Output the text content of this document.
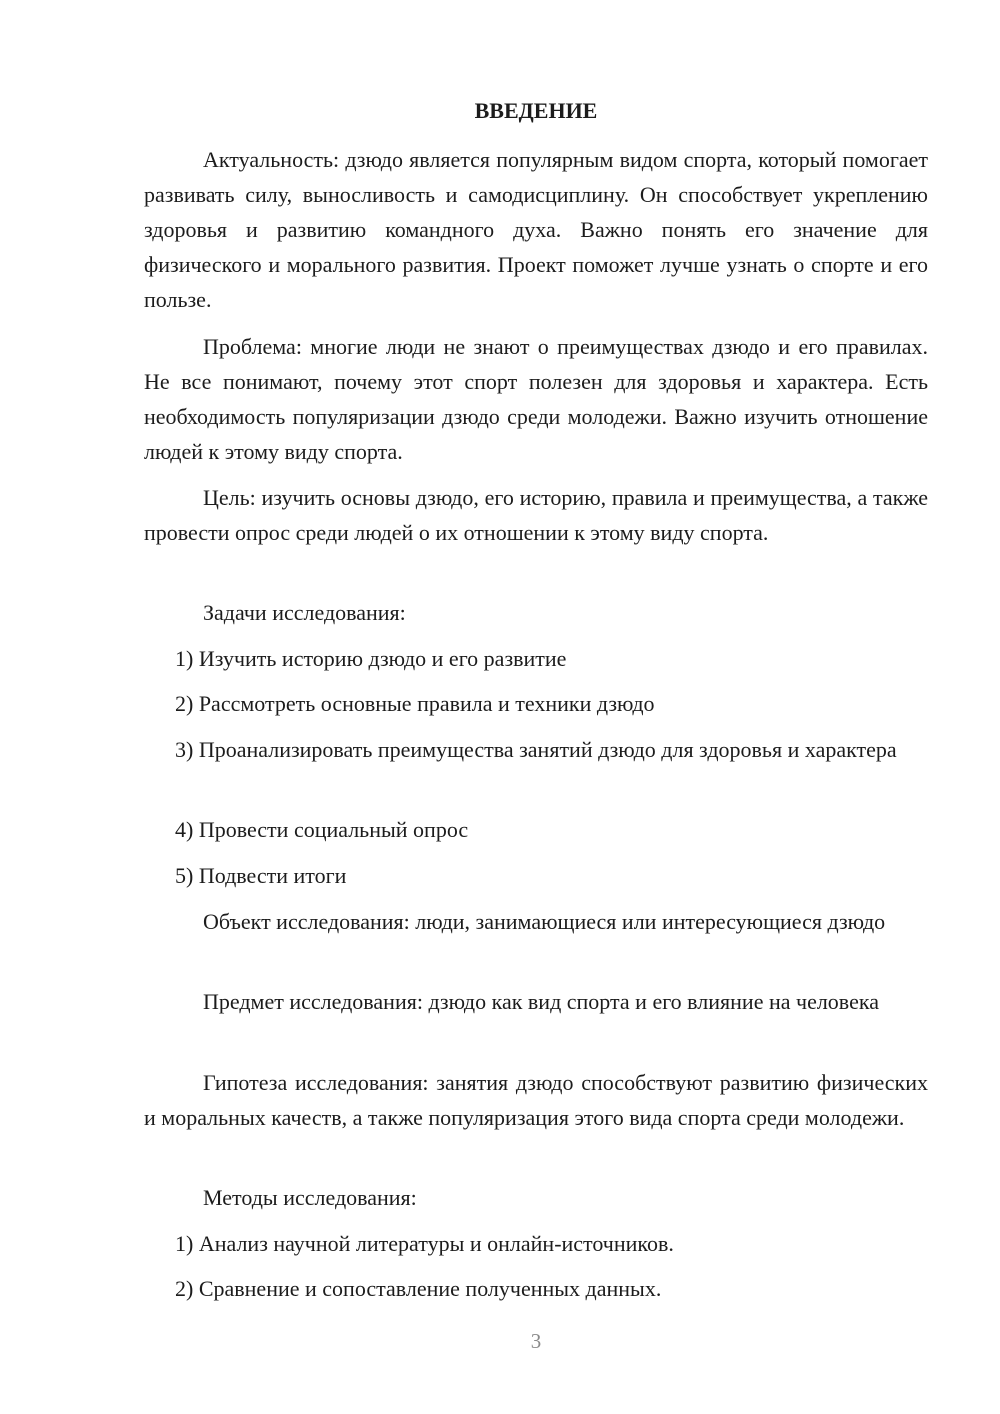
ВВЕДЕНИЕ

Актуальность: дзюдо является популярным видом спорта, который помогает развивать силу, выносливость и самодисциплину. Он способствует укреплению здоровья и развитию командного духа. Важно понять его значение для физического и морального развития. Проект поможет лучше узнать о спорте и его пользе.

Проблема: многие люди не знают о преимуществах дзюдо и его правилах. Не все понимают, почему этот спорт полезен для здоровья и характера. Есть необходимость популяризации дзюдо среди молодежи. Важно изучить отношение людей к этому виду спорта.

Цель: изучить основы дзюдо, его историю, правила и преимущества, а также провести опрос среди людей о их отношении к этому виду спорта.

Задачи исследования:

1) Изучить историю дзюдо и его развитие

2) Рассмотреть основные правила и техники дзюдо

3) Проанализировать преимущества занятий дзюдо для здоровья и характера

4) Провести социальный опрос

5) Подвести итоги

Объект исследования: люди, занимающиеся или интересующиеся дзюдо

Предмет исследования: дзюдо как вид спорта и его влияние на человека

Гипотеза исследования: занятия дзюдо способствуют развитию физических и моральных качеств, а также популяризация этого вида спорта среди молодежи.

Методы исследования:

1) Анализ научной литературы и онлайн-источников.

2) Сравнение и сопоставление полученных данных.

3
